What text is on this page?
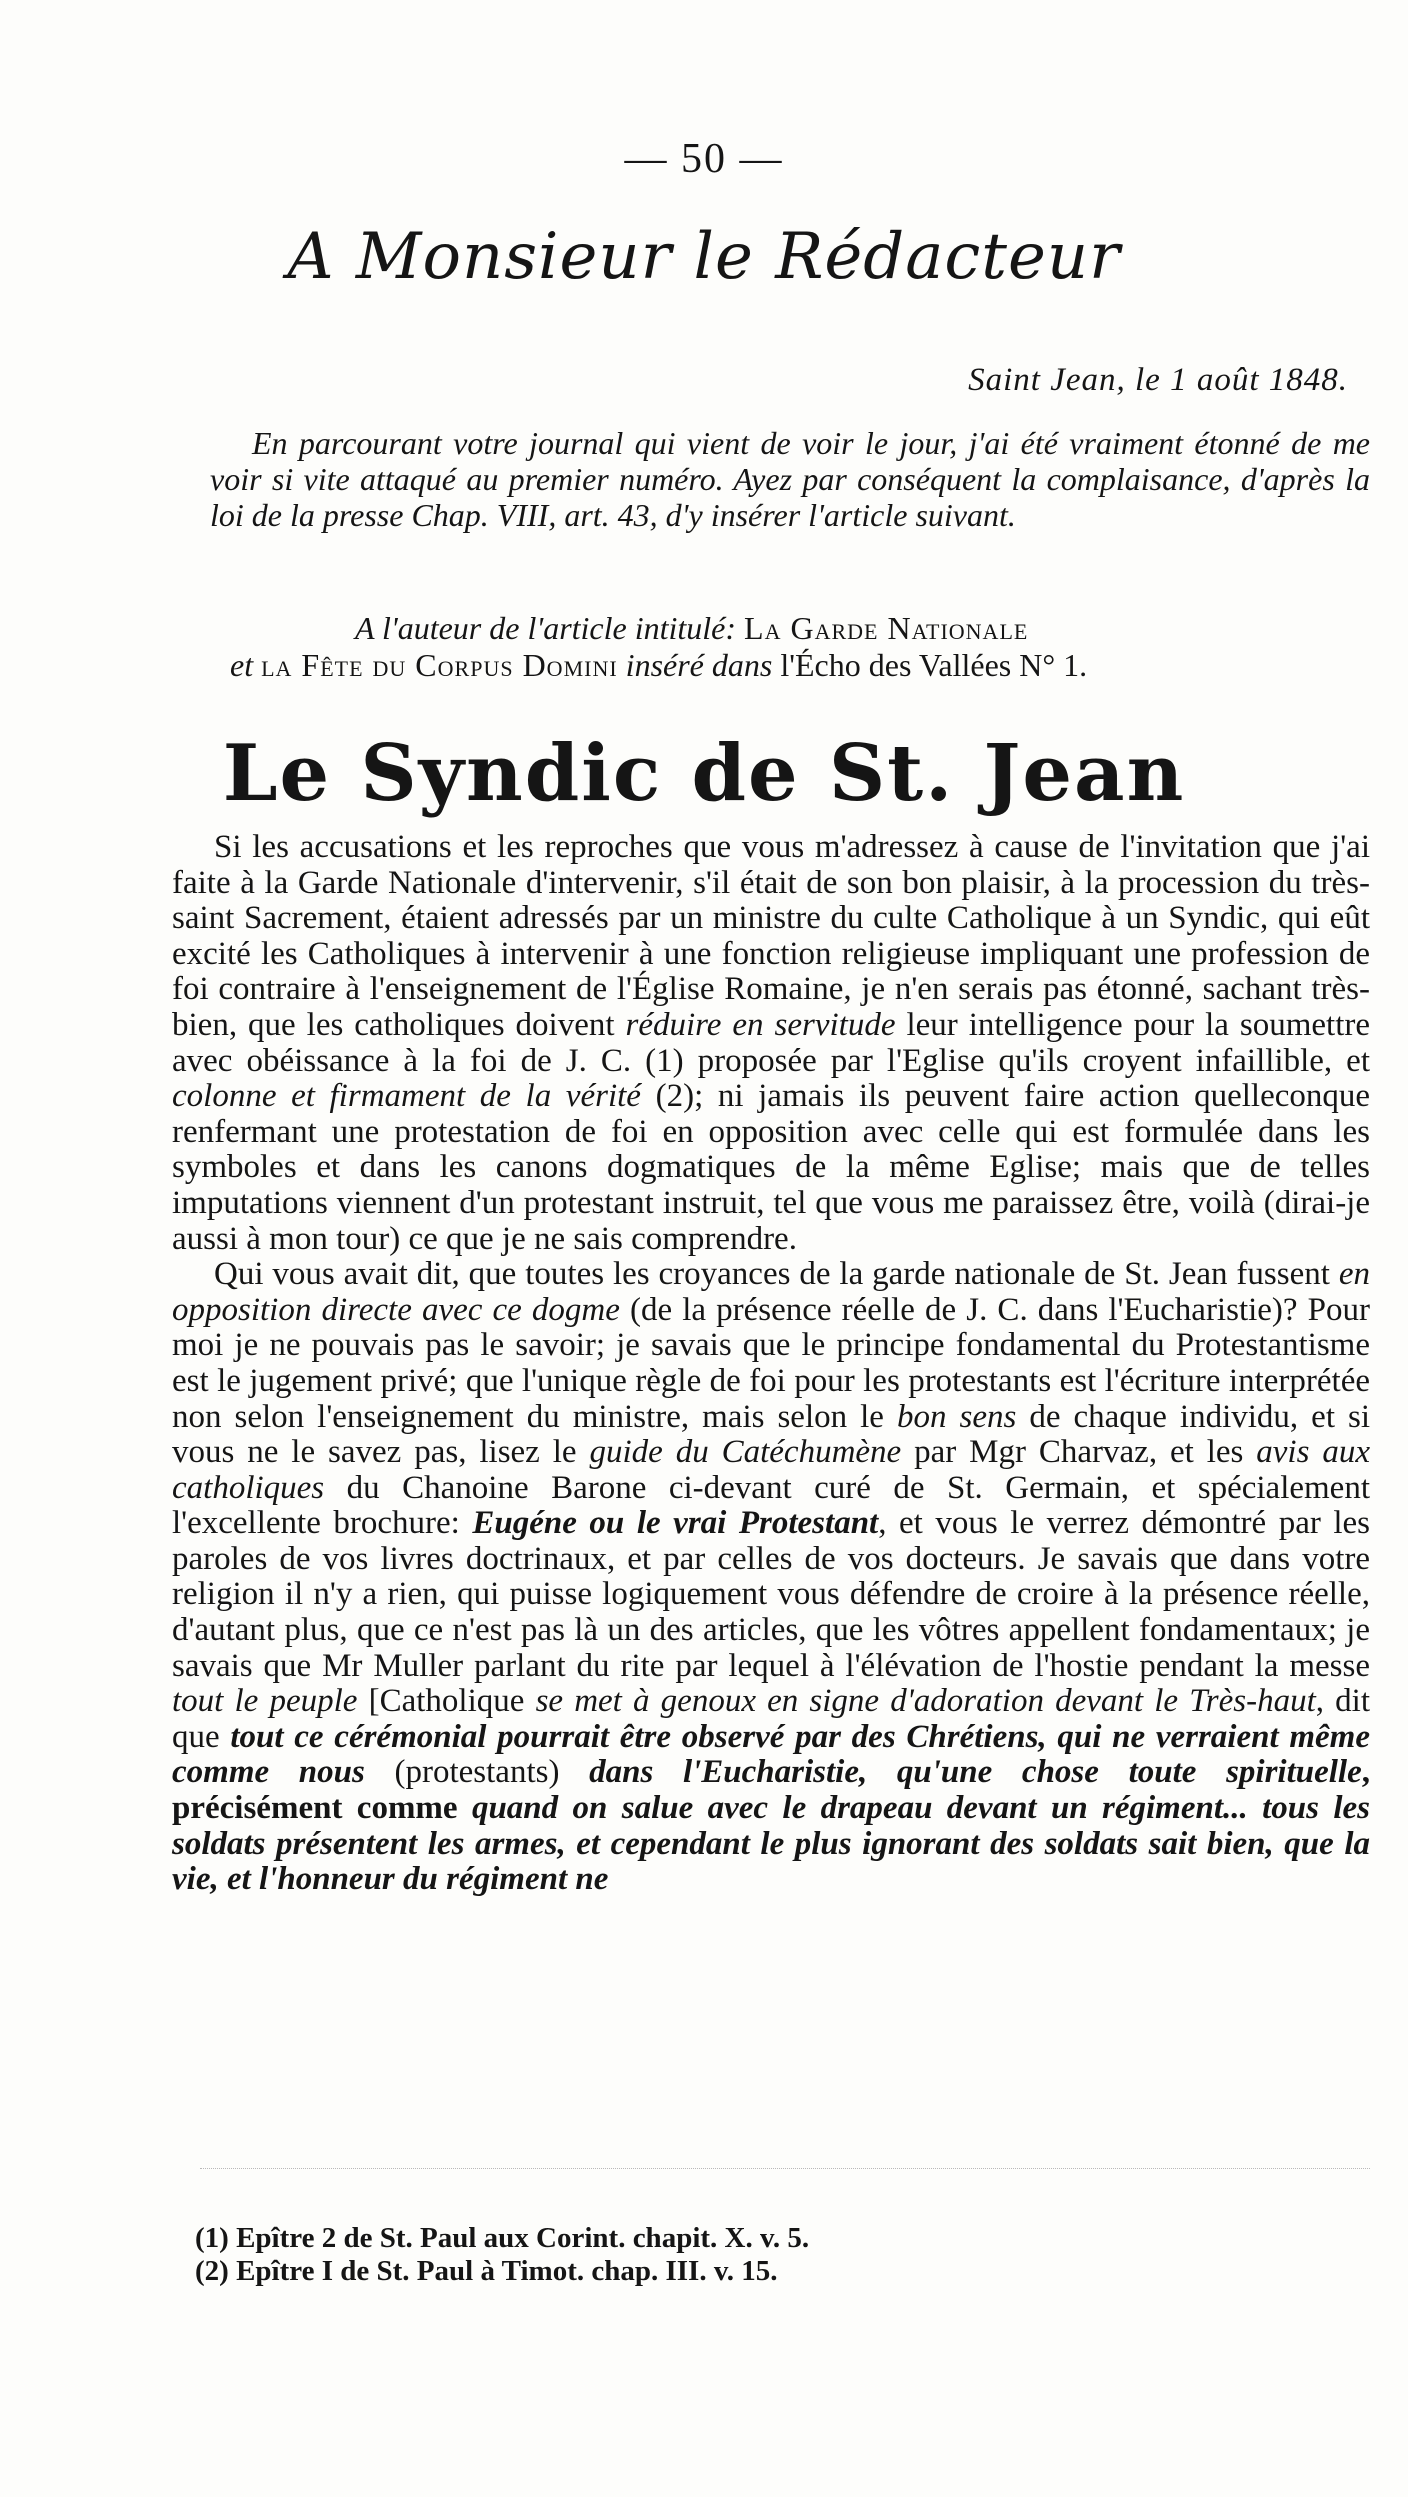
— 50 —
A Monsieur le Rédacteur
Saint Jean, le 1 août 1848.
En parcourant votre journal qui vient de voir le jour, j'ai été vraiment étonné de me voir si vite attaqué au premier numéro. Ayez par conséquent la complaisance, d'après la loi de la presse Chap. VIII, art. 43, d'y insérer l'article suivant.
A l'auteur de l'article intitulé: La Garde Nationale
et la Fête du Corpus Domini inséré dans l'Écho des Vallées N° 1.
Le Syndic de St. Jean

Si les accusations et les reproches que vous m'adressez à cause de l'invitation que j'ai faite à la Garde Nationale d'intervenir, s'il était de son bon plaisir, à la procession du très-saint Sacrement, étaient adressés par un ministre du culte Catholique à un Syndic, qui eût excité les Catholiques à intervenir à une fonction religieuse impliquant une profession de foi contraire à l'enseignement de l'Église Romaine, je n'en serais pas étonné, sachant très-bien, que les catholiques doivent réduire en servitude leur intelligence pour la soumettre avec obéissance à la foi de J. C. (1) proposée par l'Eglise qu'ils croyent infaillible, et colonne et firmament de la vérité (2); ni jamais ils peuvent faire action quelleconque renfermant une protestation de foi en opposition avec celle qui est formulée dans les symboles et dans les canons dogmatiques de la même Eglise; mais que de telles imputations viennent d'un protestant instruit, tel que vous me paraissez être, voilà (dirai-je aussi à mon tour) ce que je ne sais comprendre.

Qui vous avait dit, que toutes les croyances de la garde nationale de St. Jean fussent en opposition directe avec ce dogme (de la présence réelle de J. C. dans l'Eucharistie)? Pour moi je ne pouvais pas le savoir; je savais que le principe fondamental du Protestantisme est le jugement privé; que l'unique règle de foi pour les protestants est l'écriture interprétée non selon l'enseignement du ministre, mais selon le bon sens de chaque individu, et si vous ne le savez pas, lisez le guide du Catéchumène par Mgr Charvaz, et les avis aux catholiques du Chanoine Barone ci-devant curé de St. Germain, et spécialement l'excellente brochure: Eugéne ou le vrai Protestant, et vous le verrez démontré par les paroles de vos livres doctrinaux, et par celles de vos docteurs. Je savais que dans votre religion il n'y a rien, qui puisse logiquement vous défendre de croire à la présence réelle, d'autant plus, que ce n'est pas là un des articles, que les vôtres appellent fondamentaux; je savais que Mr Muller parlant du rite par lequel à l'élévation de l'hostie pendant la messe tout le peuple [Catholique se met à genoux en signe d'adoration devant le Très-haut, dit que tout ce cérémonial pourrait être observé par des Chrétiens, qui ne verraient même comme nous (protestants) dans l'Eucharistie, qu'une chose toute spirituelle, précisément comme quand on salue avec le drapeau devant un régiment... tous les soldats présentent les armes, et cependant le plus ignorant des soldats sait bien, que la vie, et l'honneur du régiment ne

(1) Epître 2 de St. Paul aux Corint. chapit. X. v. 5.
(2) Epître I de St. Paul à Timot. chap. III. v. 15.
